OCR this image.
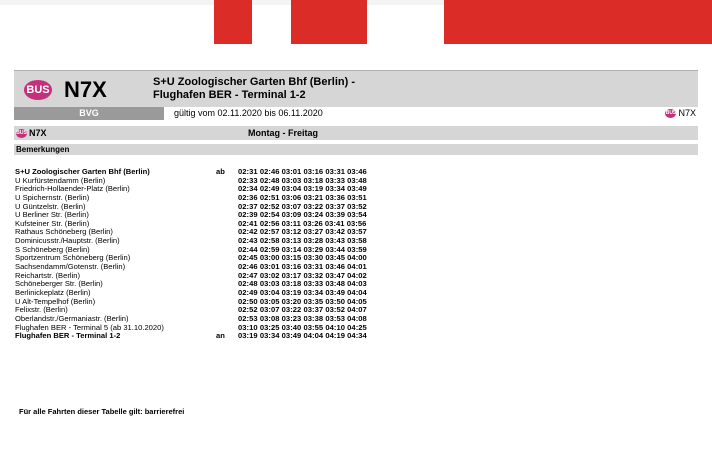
BUS N7X	S+U Zoologischer Garten Bhf (Berlin) -
Flughafen BER - Terminal 1-2
BVG	gültig vom 02.11.2020 bis 06.11.2020	BUS N7X
BUS N7X	Montag - Freitag
Bemerkungen
S+U Zoologischer Garten Bhf (Berlin)	ab 02:31 02:46 03:01 03:16 03:31 03:46
U Kurfürstendamm (Berlin)	02:33 02:48 03:03 03:18 03:33 03:48
Friedrich-Hollaender-Platz (Berlin)	02:34 02:49 03:04 03:19 03:34 03:49
U Spichernstr. (Berlin)	02:36 02:51 03:06 03:21 03:36 03:51
U Güntzelstr. (Berlin)	02:37 02:52 03:07 03:22 03:37 03:52
U Berliner Str. (Berlin)	02:39 02:54 03:09 03:24 03:39 03:54
Kufsteiner Str. (Berlin)	02:41 02:56 03:11 03:26 03:41 03:56
Rathaus Schöneberg (Berlin)	02:42 02:57 03:12 03:27 03:42 03:57
Dominicusstr./Hauptstr. (Berlin)	02:43 02:58 03:13 03:28 03:43 03:58
S Schöneberg (Berlin)	02:44 02:59 03:14 03:29 03:44 03:59
Sportzentrum Schöneberg (Berlin)	02:45 03:00 03:15 03:30 03:45 04:00
Sachsendamm/Gotenstr. (Berlin)	02:46 03:01 03:16 03:31 03:46 04:01
Reichartstr. (Berlin)	02:47 03:02 03:17 03:32 03:47 04:02
Schöneberger Str. (Berlin)	02:48 03:03 03:18 03:33 03:48 04:03
Berlinickeplatz (Berlin)	02:49 03:04 03:19 03:34 03:49 04:04
U Alt-Tempelhof (Berlin)	02:50 03:05 03:20 03:35 03:50 04:05
Felixstr. (Berlin)	02:52 03:07 03:22 03:37 03:52 04:07
Oberlandstr./Germaniastr. (Berlin)	02:53 03:08 03:23 03:38 03:53 04:08
Flughafen BER - Terminal 5 (ab 31.10.2020)	03:10 03:25 03:40 03:55 04:10 04:25
Flughafen BER - Terminal 1-2	an 03:19 03:34 03:49 04:04 04:19 04:34
Für alle Fahrten dieser Tabelle gilt: barrierefrei
